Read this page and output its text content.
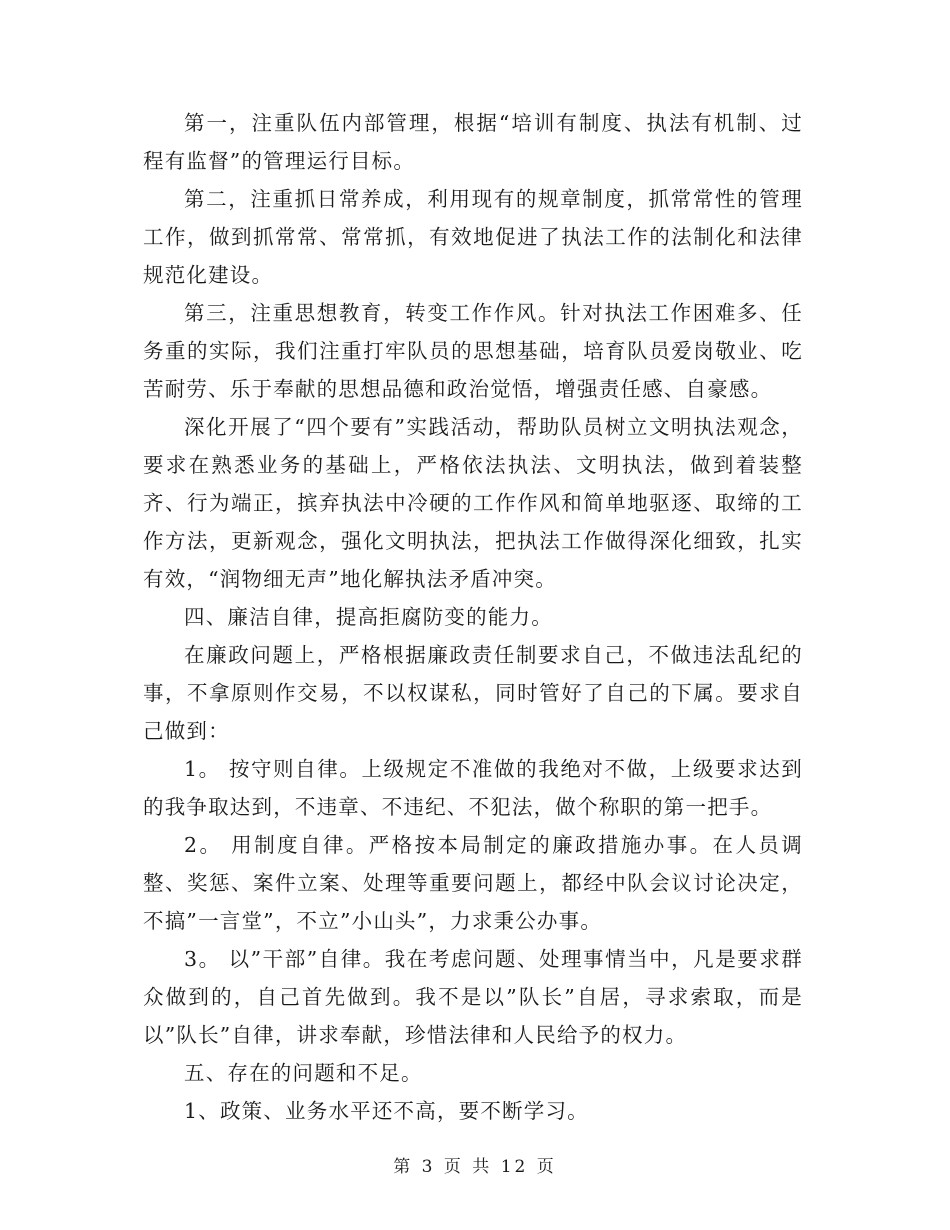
第一，注重队伍内部管理，根据“培训有制度、执法有机制、过程有监督”的管理运行目标。

第二，注重抓日常养成，利用现有的规章制度，抓常常性的管理工作，做到抓常常、常常抓，有效地促进了执法工作的法制化和法律规范化建设。

第三，注重思想教育，转变工作作风。针对执法工作困难多、任务重的实际，我们注重打牢队员的思想基础，培育队员爱岗敬业、吃苦耐劳、乐于奉献的思想品德和政治觉悟，增强责任感、自豪感。

深化开展了“四个要有”实践活动，帮助队员树立文明执法观念，要求在熟悉业务的基础上，严格依法执法、文明执法，做到着装整齐、行为端正，摈弃执法中冷硬的工作作风和简单地驱逐、取缔的工作方法，更新观念，强化文明执法，把执法工作做得深化细致，扎实有效，“润物细无声”地化解执法矛盾冲突。

四、廉洁自律，提高拒腐防变的能力。

在廉政问题上，严格根据廉政责任制要求自己，不做违法乱纪的事，不拿原则作交易，不以权谋私，同时管好了自己的下属。要求自己做到：

1。 按守则自律。上级规定不准做的我绝对不做，上级要求达到的我争取达到，不违章、不违纪、不犯法，做个称职的第一把手。

2。 用制度自律。严格按本局制定的廉政措施办事。在人员调整、奖惩、案件立案、处理等重要问题上，都经中队会议讨论决定，不搞”一言堂”，不立”小山头”，力求秉公办事。

3。 以”干部”自律。我在考虑问题、处理事情当中，凡是要求群众做到的，自己首先做到。我不是以”队长”自居，寻求索取，而是以”队长”自律，讲求奉献，珍惜法律和人民给予的权力。

五、存在的问题和不足。

1、政策、业务水平还不高，要不断学习。

第 3 页 共 12 页
